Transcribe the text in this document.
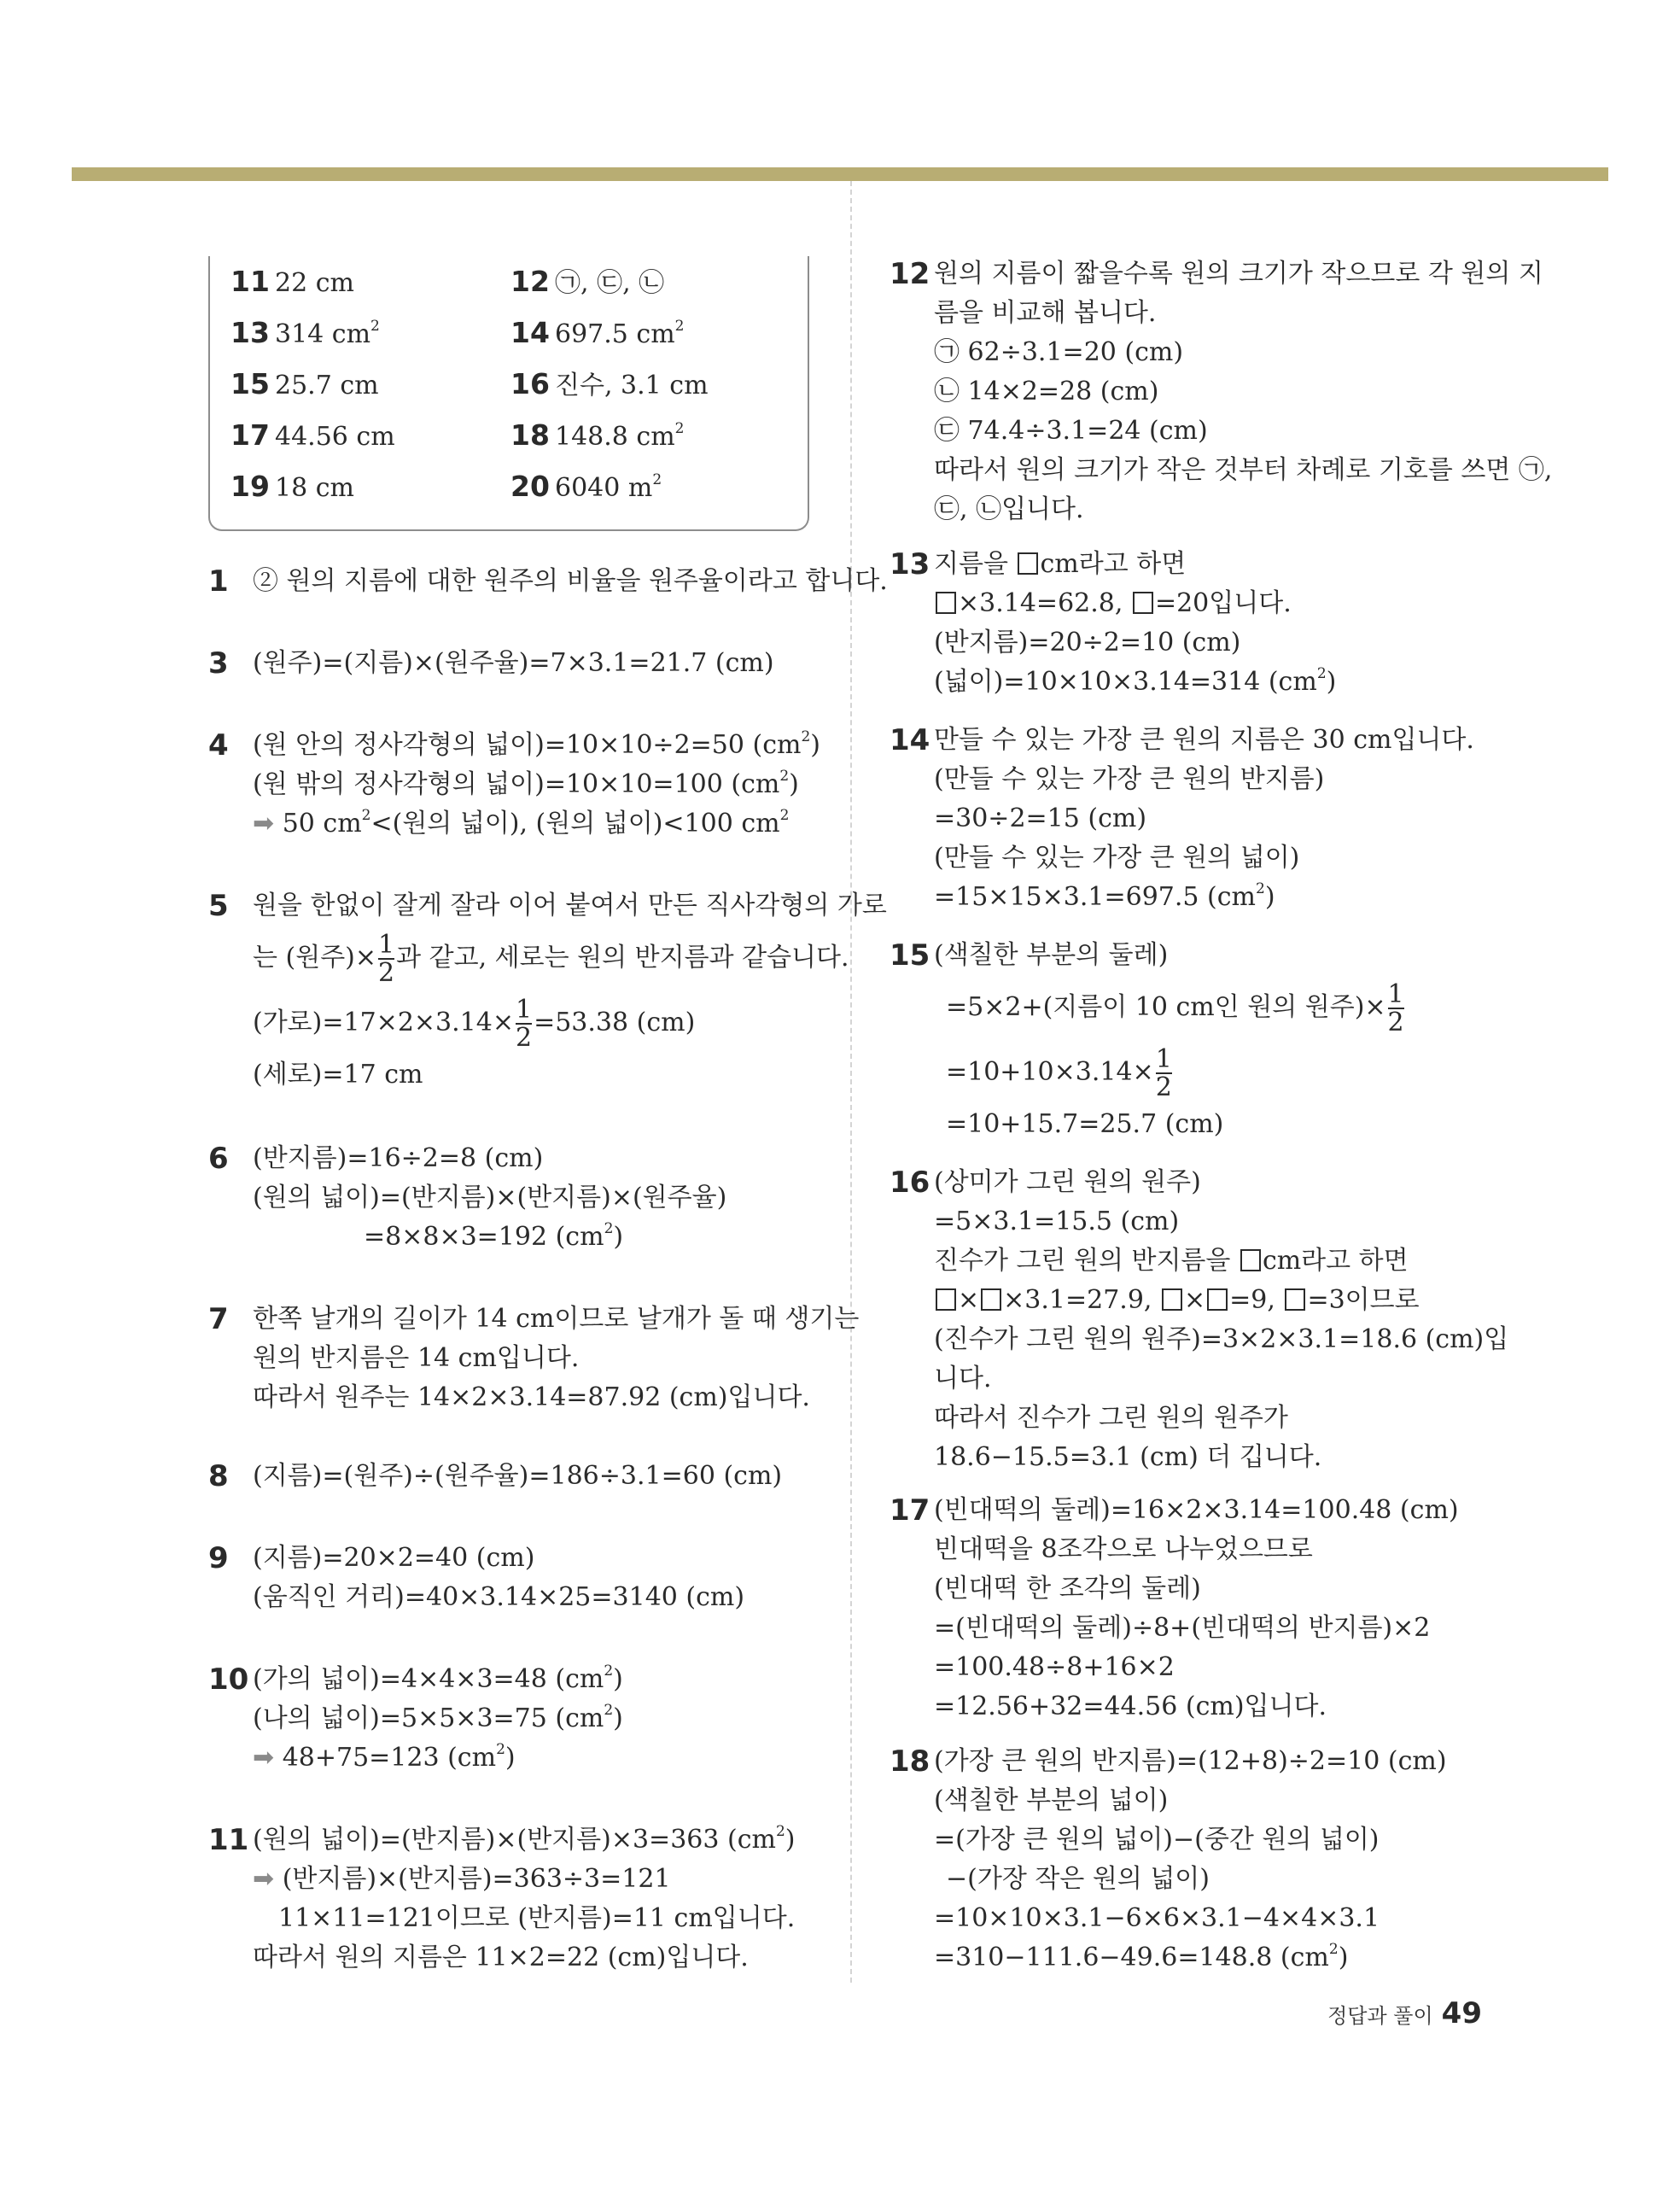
11 22 cm	12 ㉠, ㉢, ㉡
13 314 $cm^2$	14 697.5 $cm^2$
15 25.7 cm	16 진수, 3.1 cm
17 44.56 cm	18 148.8 $cm^2$
19 18 cm	20 6040 $m^2$
1 ② 원의 지름에 대한 원주의 비율을 원주율이라고 합니다.
3 (원주)=(지름)×(원주율)=7×3.1=21.7 (cm)
4 (원 안의 정사각형의 넓이)=10×10÷2=50 $(cm^2)$
(원 밖의 정사각형의 넓이)=10×10=100 $(cm^2)$
➡ 50 $cm^2<$(원의 넓이), (원의 넓이)<100 $cm^2$
5 원을 한없이 잘게 잘라 이어 붙여서 만든 직사각형의 가로
는 (원주)× $\frac{1}{2}$ 과 같고, 세로는 원의 반지름과 같습니다.
(가로)$=17\times 2\times 3.14\times \frac{1}{2} =53.38$ (cm)
(세로)=17 cm
6 (반지름)=16÷2=8 (cm)
(원의 넓이)=(반지름)×(반지름)×(원주율)
=8×8×3=192 $(cm^2)$
7 한쪽 날개의 길이가 14 cm이므로 날개가 돌 때 생기는
원의 반지름은 14 cm입니다.
따라서 원주는 14×2×3.14=87.92 (cm)입니다.
8 (지름)=(원주)÷(원주율)=186÷3.1=60 (cm)
9 (지름)=20×2=40 (cm)
(움직인 거리)=40×3.14×25=3140 (cm)
10 (가의 넓이)=4×4×3=48 $(cm^2)$
(나의 넓이)=5×5×3=75 $(cm^2)$
➡ 48+75=123 $(cm^2)$
11 (원의 넓이)=(반지름)×(반지름)×3=363 $(cm^2)$
➡ (반지름)×(반지름)=363÷3=121
11×11=121이므로 (반지름)=11 cm입니다.
따라서 원의 지름은 11×2=22 (cm)입니다.
12 원의 지름이 짧을수록 원의 크기가 작으므로 각 원의 지
름을 비교해 봅니다.
㉠ 62÷3.1=20 (cm)
㉡ 14×2=28 (cm)
㉢ 74.4÷3.1=24 (cm)
따라서 원의 크기가 작은 것부터 차례로 기호를 쓰면 ㉠,
㉢, ㉡입니다.
13 지름을 cm라고 하면
×3.14=62.8, =20입니다.
(반지름)=20÷2=10 (cm)
(넓이)=10×10×3.14=314 $(cm^2)$
14 만들 수 있는 가장 큰 원의 지름은 30 cm입니다.
(만들 수 있는 가장 큰 원의 반지름)
=30÷2=15 (cm)
(만들 수 있는 가장 큰 원의 넓이)
=15×15×3.1=697.5 $(cm^2)$
15 (색칠한 부분의 둘레)
=5×2+(지름이 10 cm인 원의 원주)× $\frac{1}{2}$
$=10+10\times 3.14\times \frac{1}{2}$
=10+15.7=25.7 (cm)
16 (상미가 그린 원의 원주)
=5×3.1=15.5 (cm)
진수가 그린 원의 반지름을 cm라고 하면
× ×3.1=27.9, × =9, =3이므로
(진수가 그린 원의 원주)=3×2×3.1=18.6 (cm)입
니다.
따라서 진수가 그린 원의 원주가
18.6−15.5=3.1 (cm) 더 깁니다.
17 (빈대떡의 둘레)=16×2×3.14=100.48 (cm)
빈대떡을 8조각으로 나누었으므로
(빈대떡 한 조각의 둘레)
=(빈대떡의 둘레)÷8+(빈대떡의 반지름)×2
=100.48÷8+16×2
=12.56+32=44.56 (cm)입니다.
18 (가장 큰 원의 반지름)=(12+8)÷2=10 (cm)
(색칠한 부분의 넓이)
=(가장 큰 원의 넓이)−(중간 원의 넓이)
−(가장 작은 원의 넓이)
=10×10×3.1−6×6×3.1−4×4×3.1
=310−111.6−49.6=148.8 $(cm^2)$
정답과 풀이 49
